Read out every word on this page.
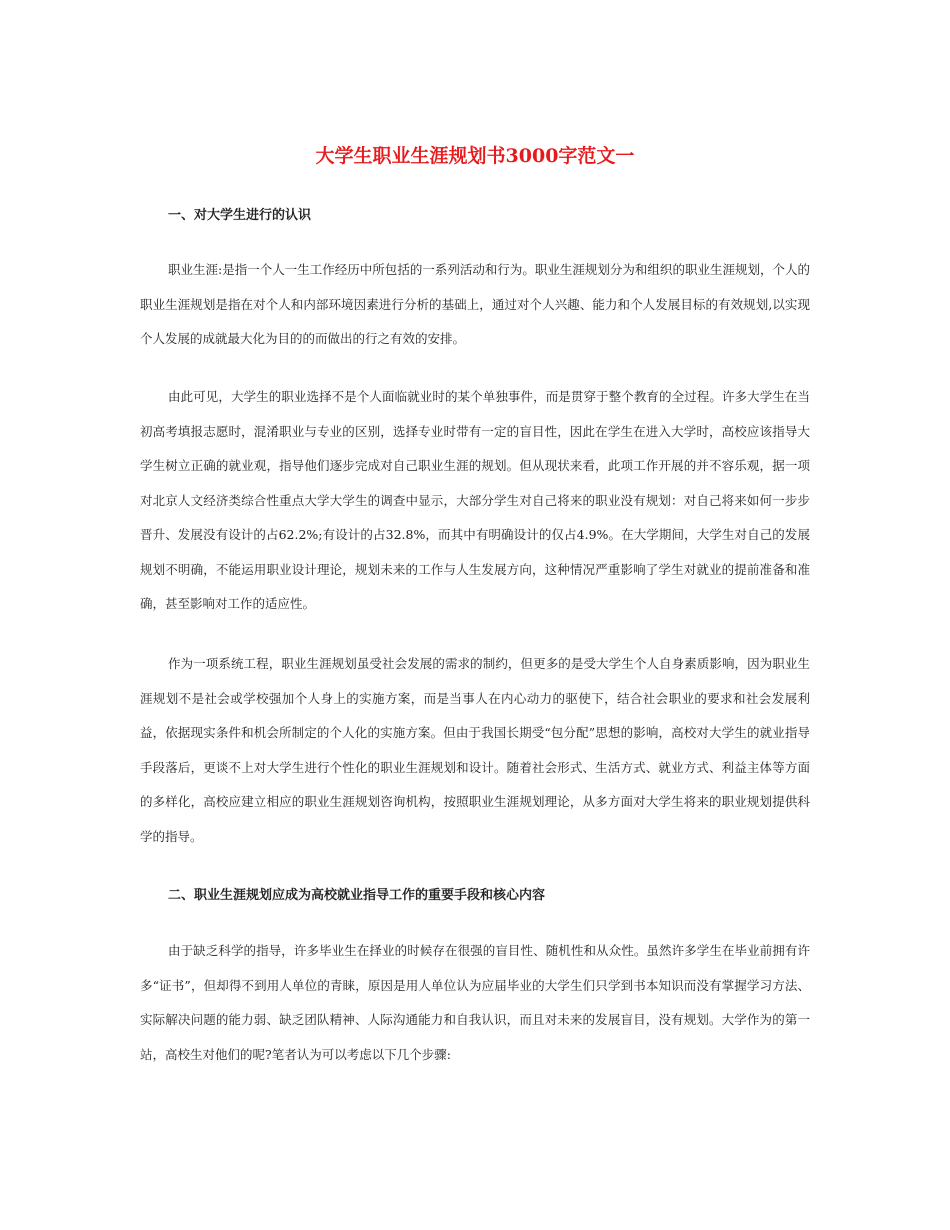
大学生职业生涯规划书3000字范文一
一、对大学生进行的认识

职业生涯:是指一个人一生工作经历中所包括的一系列活动和行为。职业生涯规划分为和组织的职业生涯规划，个人的职业生涯规划是指在对个人和内部环境因素进行分析的基础上，通过对个人兴趣、能力和个人发展目标的有效规划,以实现个人发展的成就最大化为目的的而做出的行之有效的安排。

由此可见，大学生的职业选择不是个人面临就业时的某个单独事件，而是贯穿于整个教育的全过程。许多大学生在当初高考填报志愿时，混淆职业与专业的区别，选择专业时带有一定的盲目性，因此在学生在进入大学时，高校应该指导大学生树立正确的就业观，指导他们逐步完成对自己职业生涯的规划。但从现状来看，此项工作开展的并不容乐观，据一项对北京人文经济类综合性重点大学大学生的调查中显示，大部分学生对自己将来的职业没有规划：对自己将来如何一步步晋升、发展没有设计的占62.2%;有设计的占32.8%，而其中有明确设计的仅占4.9%。在大学期间，大学生对自己的发展规划不明确，不能运用职业设计理论，规划未来的工作与人生发展方向，这种情况严重影响了学生对就业的提前准备和准确，甚至影响对工作的适应性。

作为一项系统工程，职业生涯规划虽受社会发展的需求的制约，但更多的是受大学生个人自身素质影响，因为职业生涯规划不是社会或学校强加个人身上的实施方案，而是当事人在内心动力的驱使下，结合社会职业的要求和社会发展利益，依据现实条件和机会所制定的个人化的实施方案。但由于我国长期受“包分配”思想的影响，高校对大学生的就业指导手段落后，更谈不上对大学生进行个性化的职业生涯规划和设计。随着社会形式、生活方式、就业方式、利益主体等方面的多样化，高校应建立相应的职业生涯规划咨询机构，按照职业生涯规划理论，从多方面对大学生将来的职业规划提供科学的指导。

二、职业生涯规划应成为高校就业指导工作的重要手段和核心内容

由于缺乏科学的指导，许多毕业生在择业的时候存在很强的盲目性、随机性和从众性。虽然许多学生在毕业前拥有许多“证书”，但却得不到用人单位的青睐，原因是用人单位认为应届毕业的大学生们只学到书本知识而没有掌握学习方法、实际解决问题的能力弱、缺乏团队精神、人际沟通能力和自我认识，而且对未来的发展盲目，没有规划。大学作为的第一站，高校生对他们的呢?笔者认为可以考虑以下几个步骤:
